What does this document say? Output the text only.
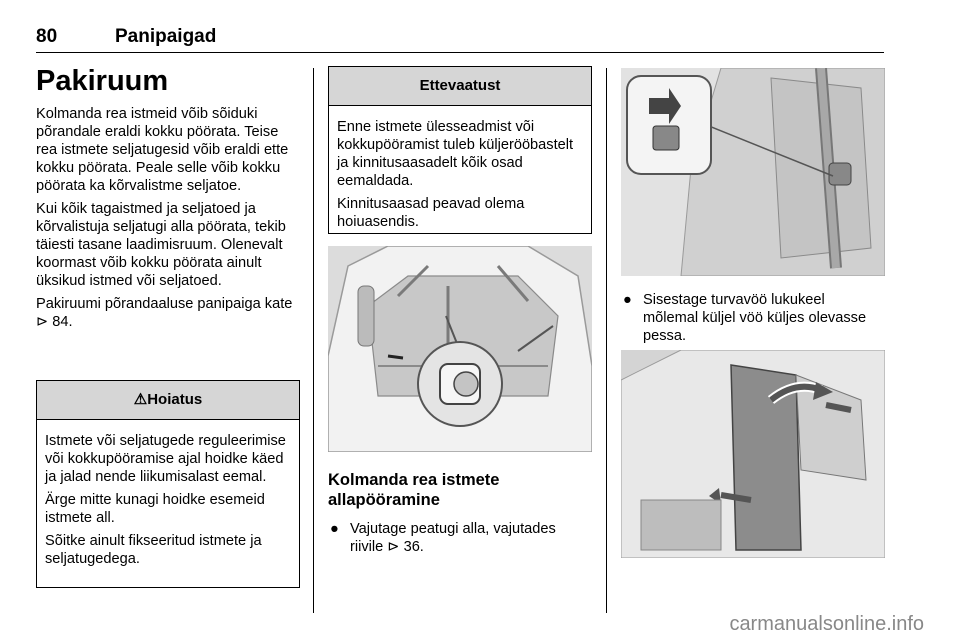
80	Panipaigad
Pakiruum

Kolmanda rea istmeid võib sõiduki põrandale eraldi kokku pöörata. Teise rea istmete seljatugesid võib eraldi ette kokku pöörata. Peale selle võib kokku pöörata ka kõrvalistme seljatoe.

Kui kõik tagaistmed ja seljatoed ja kõrvalistuja seljatugi alla pöörata, tekib täiesti tasane laadimisruum. Olenevalt koormast võib kokku pöörata ainult üksikud istmed või seljatoed.

Pakiruumi põrandaaluse panipaiga kate ⊳ 84.

⚠Hoiatus

Istmete või seljatugede reguleerimise või kokkupööramise ajal hoidke käed ja jalad nende liikumisalast eemal.

Ärge mitte kunagi hoidke esemeid istmete all.

Sõitke ainult fikseeritud istmete ja seljatugedega.

Ettevaatust

Enne istmete ülesseadmist või kokkupööramist tuleb küljerööbastelt ja kinnitusaasadelt kõik osad eemaldada.

Kinnitusaasad peavad olema hoiuasendis.

Kolmanda rea istmete allapööramine
● Vajutage peatugi alla, vajutades riivile ⊳ 36.
● Sisestage turvavöö lukukeel mõlemal küljel vöö küljes olevasse pessa.
carmanualsonline.info
